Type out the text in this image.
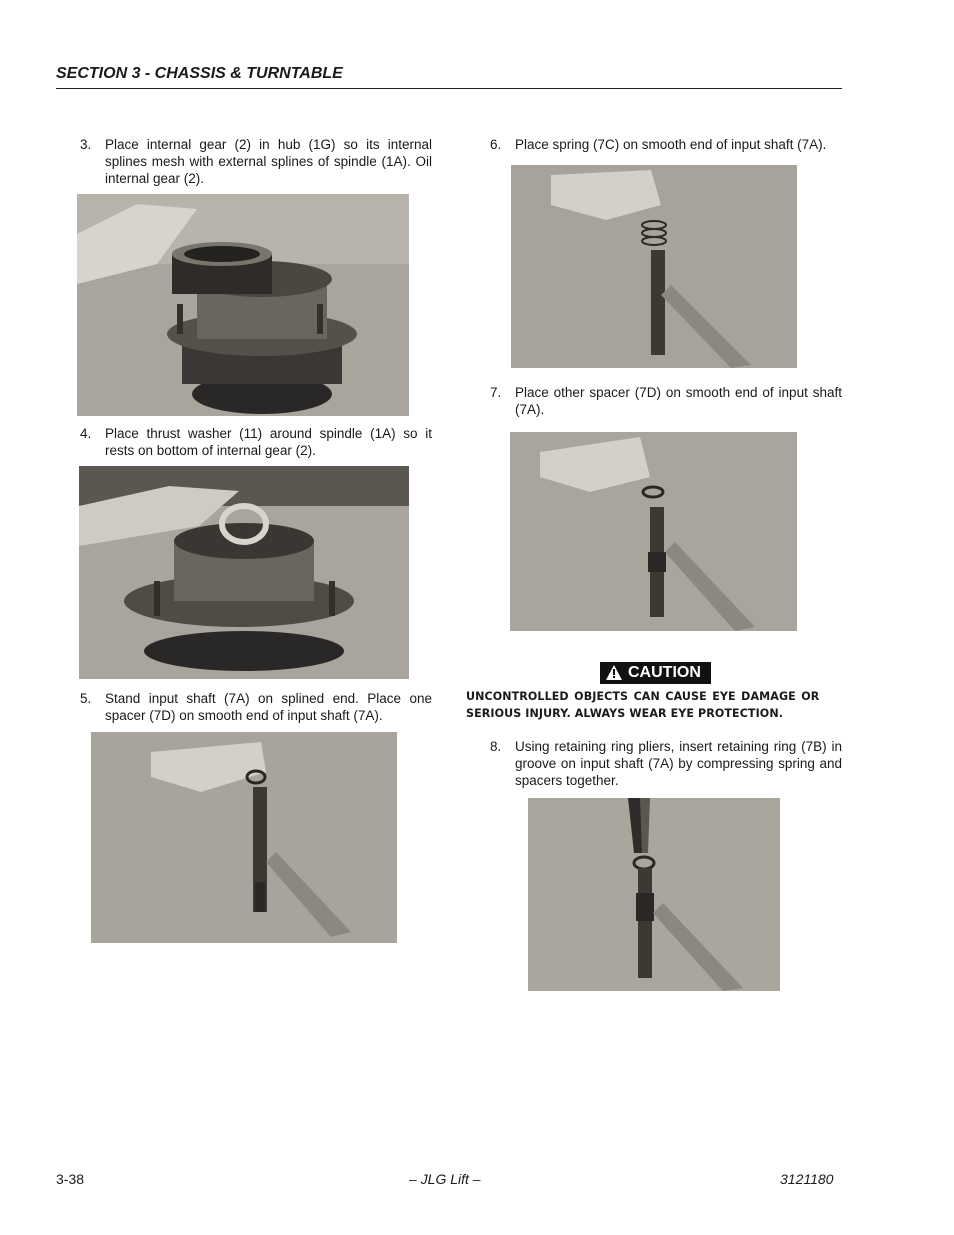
SECTION 3 - CHASSIS & TURNTABLE
3. Place internal gear (2) in hub (1G) so its internal splines mesh with external splines of spindle (1A). Oil internal gear (2).
4. Place thrust washer (11) around spindle (1A) so it rests on bottom of internal gear (2).
5. Stand input shaft (7A) on splined end. Place one spacer (7D) on smooth end of input shaft (7A).
6. Place spring (7C) on smooth end of input shaft (7A).
7. Place other spacer (7D) on smooth end of input shaft (7A).
CAUTION
UNCONTROLLED OBJECTS CAN CAUSE EYE DAMAGE OR SERIOUS INJURY. ALWAYS WEAR EYE PROTECTION.
8. Using retaining ring pliers, insert retaining ring (7B) in groove on input shaft (7A) by compressing spring and spacers together.
3-38	– JLG Lift –	3121180
